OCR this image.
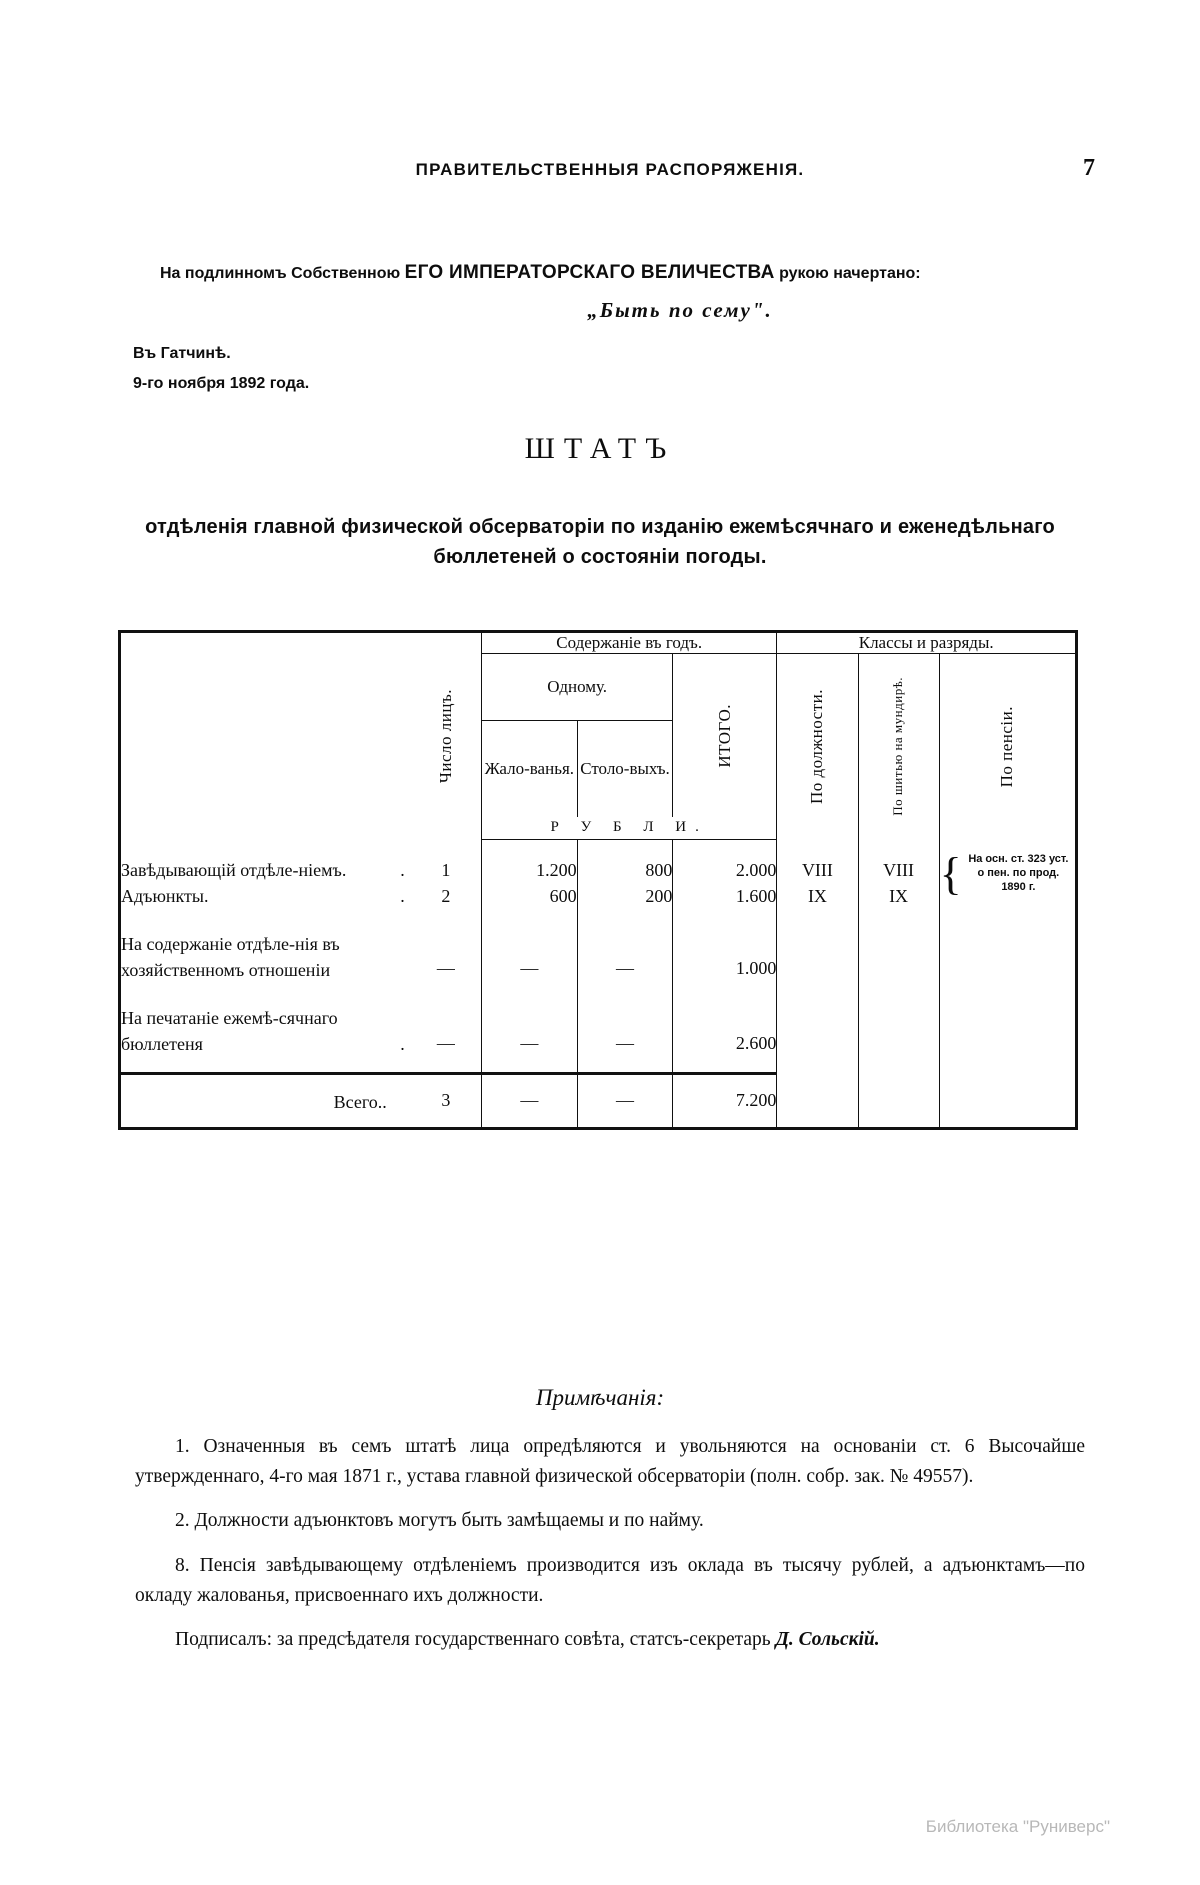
ПРАВИТЕЛЬСТВЕННЫЯ РАСПОРЯЖЕНІЯ.	7
На подлинномъ Собственною ЕГО ИМПЕРАТОРСКАГО ВЕЛИЧЕСТВА рукою начертано:
„Быть по сему".
Въ Гатчинѣ.
9-го ноября 1892 года.
ШТАТЪ
отдѣленія главной физической обсерваторіи по изданію ежемѣсячнаго и еженедѣльнаго бюллетеней о состояніи погоды.

	Число лицъ.	Содержаніе въ годъ.			Классы и разряды.		
		Одному.		ИТОГО.	По должности.	По шитью на мундирѣ.	По пенсіи.

		Жало-ванья.	Столо-выхъ.				

		Р У Б Л И.					
Завѣдывающій отдѣле-ніемъ. .	1	1.200	800	2.000	VIII	VIII	{ На осн. ст. 323 уст. о пен. по прод. 1890 г.

Адъюнкты. .	2	600	200	1.600	IX	IX	
На содержаніе отдѣле-нія въ хозяйственномъ отношеніи	—	—	—	1.000			
На печатаніе ежемѣ-сячнаго бюллетеня .	—	—	—	2.600			
Всего. .	3	—	—	7.200			
Примѣчанія:

1. Означенныя въ семъ штатѣ лица опредѣляются и увольняются на основаніи ст. 6 Высочайше утвержденнаго, 4-го мая 1871 г., устава главной физической обсерваторіи (полн. собр. зак. № 49557).

2. Должности адъюнктовъ могутъ быть замѣщаемы и по найму.

8. Пенсія завѣдывающему отдѣленіемъ производится изъ оклада въ тысячу рублей, а адъюнктамъ—по окладу жалованья, присвоеннаго ихъ должности.

Подписалъ: за предсѣдателя государственнаго совѣта, статсъ-секретарь Д. Сольскій.

Библиотека "Руниверс"
